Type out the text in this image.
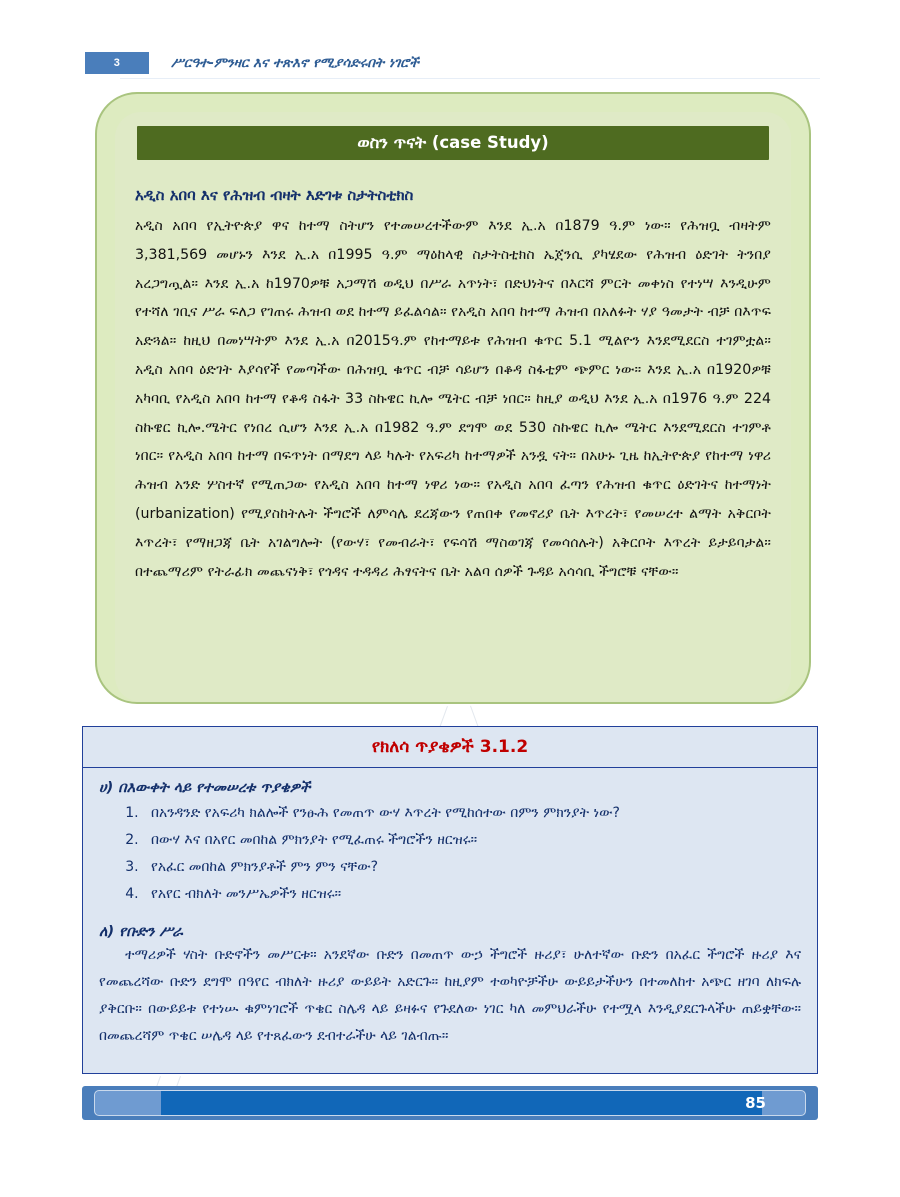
3	ሥርዓተ-ምንዛር እና ተጽእኖ የሚያሳድሩበት ነገሮች
ወስን ጥናት (case Study)
አዲስ አበባ እና የሕዝብ ብዛት እድገቱ ስታትስቲክስ
አዲስ አበባ የኢትዮጵያ ዋና ከተማ ስትሆን የተመሠረተችውም እንደ ኢ.አ በ1879 ዓ.ም ነው። የሕዝቧ ብዛትም 3,381,569 መሆኑን እንደ ኢ.አ በ1995 ዓ.ም ማዕከላዊ ስታትስቲክስ ኤጀንሲ ያካሄደው የሕዝብ ዕድገት ትንበያ አረጋግጧል። እንደ ኢ.አ ከ1970ዎቹ አጋማሽ ወዲህ በሥራ አጥነት፣ በድህነትና በእርሻ ምርት መቀነስ የተነሣ እንዲሁም የተሻለ ገቢና ሥራ ፍለጋ የገጠሩ ሕዝብ ወደ ከተማ ይፈልሳል። የአዲስ አበባ ከተማ ሕዝብ በአለፉት ሃያ ዓመታት ብቻ በእጥፍ አድጓል። ከዚህ በመነሣትም እንደ ኢ.አ በ2015ዓ.ም የከተማይቱ የሕዝብ ቁጥር 5.1 ሚልዮን እንደሚደርስ ተገምቷል። አዲስ አበባ ዕድገት እያሳየች የመጣችው በሕዝቧ ቁጥር ብቻ ሳይሆን በቆዳ ስፋቲም ጭምር ነው። እንደ ኢ.አ በ1920ዎቹ አካባቢ የአዲስ አበባ ከተማ የቆዳ ስፋት 33 ስኩዌር ኪሎ ሜትር ብቻ ነበር። ከዚያ ወዲህ እንደ ኢ.አ በ1976 ዓ.ም 224 ስኩዌር ኪሎ.ሜትር የነበረ ሲሆን እንደ ኢ.አ በ1982 ዓ.ም ደግሞ ወደ 530 ስኩዌር ኪሎ ሜትር እንደሚደርስ ተገምቶ ነበር። የአዲስ አበባ ከተማ በፍጥነት በማደግ ላይ ካሉት የአፍሪካ ከተማዎች አንዷ ናት። በአሁኑ ጊዜ ከኢትዮጵያ የከተማ ነዋሪ ሕዝብ አንድ ሦስተኛ የሚጠጋው የአዲስ አበባ ከተማ ነዋሪ ነው። የአዲስ አበባ ፈጣን የሕዝብ ቁጥር ዕድገትና ከተማነት (urbanization) የሚያስከትሉት ችግሮች ለምሳሌ ደረጃውን የጠበቀ የመኖሪያ ቤት እጥረት፣ የመሠረተ ልማት አቅርቦት እጥረት፣ የማዘጋጃ ቤት አገልግሎት (የውሃ፣ የመብራት፣ የፍሳሽ ማስወገጃ የመሳሰሉት) አቅርቦት እጥረት ይታይባታል። በተጨማሪም የትራፊክ መጨናነቅ፣ የጎዳና ተዳዳሪ ሕፃናትና ቤት አልባ ሰዎች ጉዳይ አሳሳቢ ችግሮቹ ናቸው።
የክለሳ ጥያቄዎች 3.1.2
ሀ) በእውቀት ላይ የተመሠረቱ ጥያቄዎች
1. በአንዳንድ የአፍሪካ ክልሎች የንፁሕ የመጠጥ ውሃ እጥረት የሚከሰተው በምን ምክንያት ነው?
2. በውሃ እና በአየር መበከል ምክንያት የሚፈጠሩ ችግሮችን ዘርዝሩ።
3. የአፈር መበከል ምክንያቶች ምን ምን ናቸው?
4. የአየር ብክለት መንሥኤዎችን ዘርዝሩ።
ለ) የቡድን ሥራ
ተማሪዎች ሃስት ቡድኖችን መሥርቱ። አንደኛው ቡድን በመጠጥ ውኃ ችግሮች ዙሪያ፣ ሁለተኛው ቡድን በአፈር ችግሮች ዙሪያ እና የመጨረሻው ቡድን ደግሞ በዓየር ብክለት ዙሪያ ውይይት አድርጉ። ከዚያም ተወካዮቻችሁ ውይይታችሁን በተመለከተ አጭር ዘገባ ለክፍሉ ያቅርቡ። በውይይቱ የተነሡ ቁምነገሮች ጥቄር ስሌዳ ላይ ይዛፉና የጉደለው ነገር ካለ መምህራችሁ የተሟላ እንዲያደርጉላችሁ ጠይቋቸው። በመጨረሻም ጥቄር ሠሌዳ ላይ የተጸፈውን ደብተራችሁ ላይ ገልብጡ።
85
